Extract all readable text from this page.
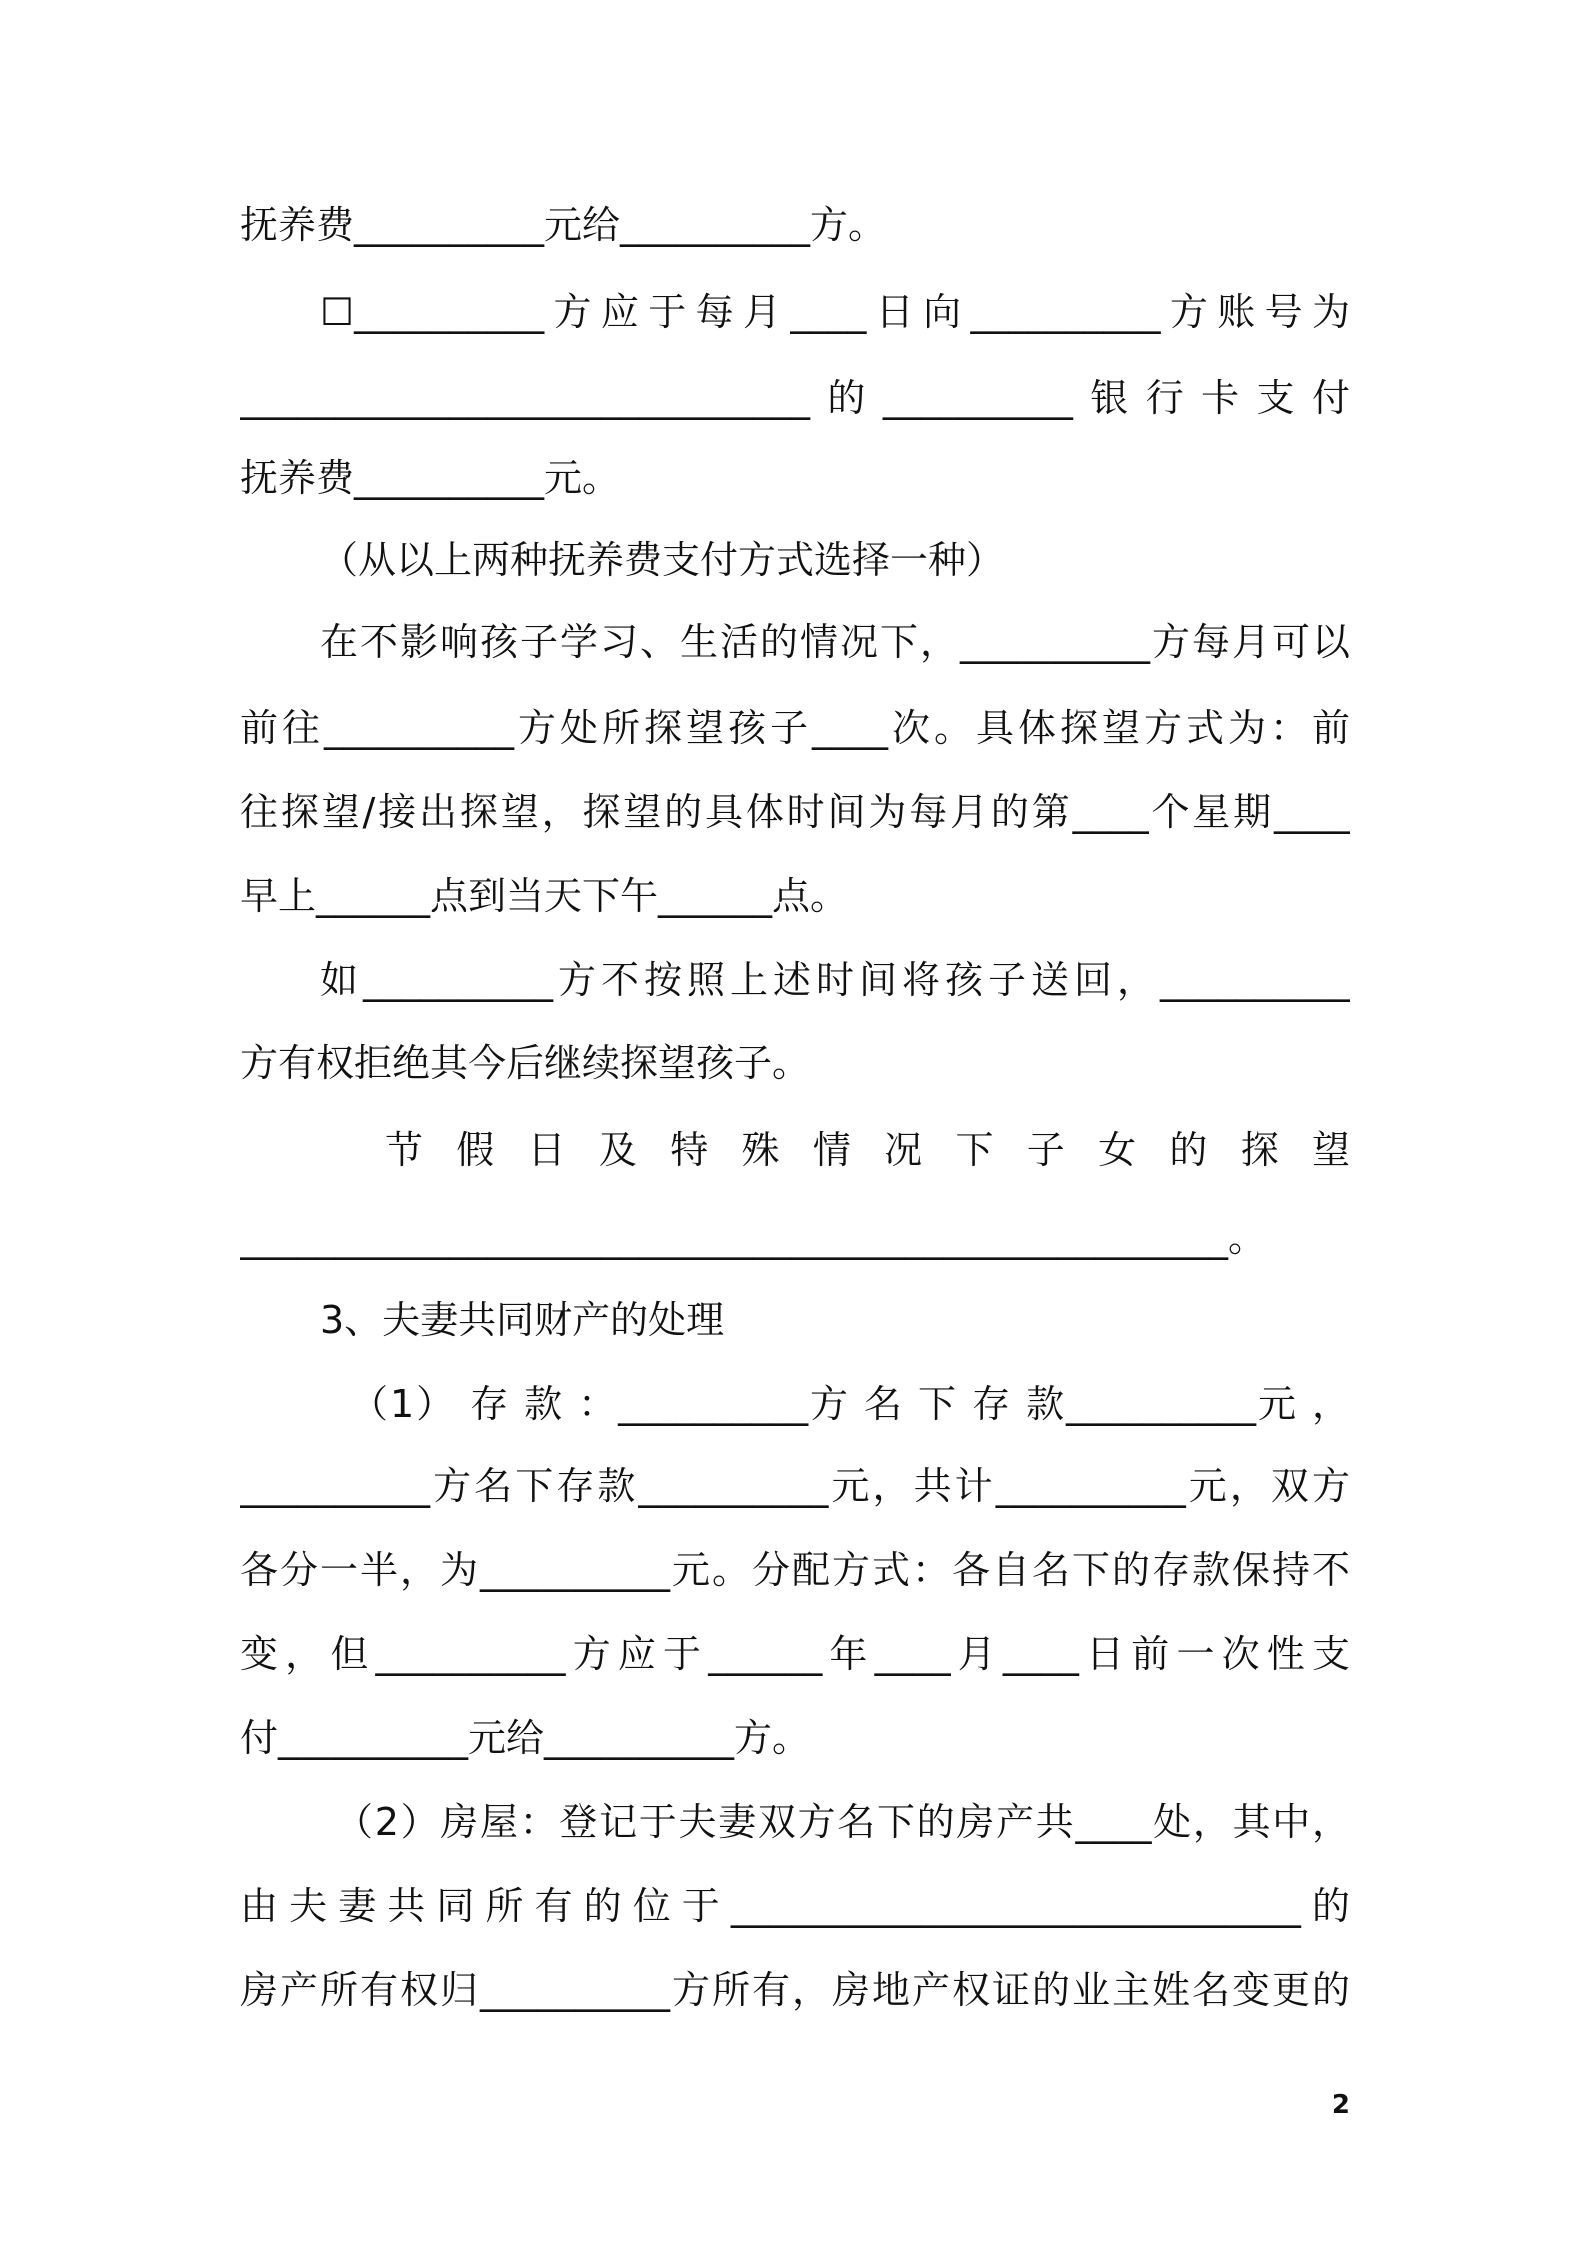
抚养费__________元给__________方。

☐__________方应于每月____日向__________方账号为

______________________________的__________银行卡支付

抚养费__________元。

（从以上两种抚养费支付方式选择一种）

在不影响孩子学习、生活的情况下，__________方每月可以

前往__________方处所探望孩子____次。具体探望方式为：前

往探望/接出探望，探望的具体时间为每月的第____个星期____

早上______点到当天下午______点。

如__________方不按照上述时间将孩子送回，__________

方有权拒绝其今后继续探望孩子。

节 假 日 及 特 殊 情 况 下 子 女 的 探 望

____________________________________________________。

3、夫妻共同财产的处理

（1） 存 款 ：__________方 名 下 存 款__________元 ，

__________方名下存款__________元，共计__________元，双方

各分一半，为__________元。分配方式：各自名下的存款保持不

变，但__________方应于______年____月____日前一次性支

付__________元给__________方。

（2）房屋：登记于夫妻双方名下的房产共____处，其中，

由夫妻共同所有的位于______________________________的

房产所有权归__________方所有，房地产权证的业主姓名变更的

2
